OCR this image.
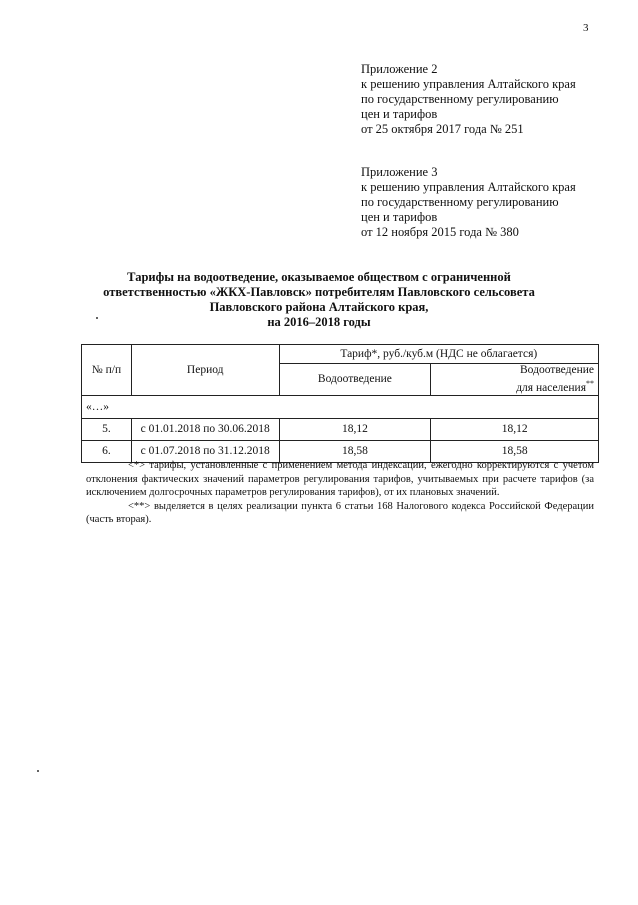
3
Приложение 2
к решению управления Алтайского края
по государственному регулированию
цен и тарифов
от 25 октября 2017 года № 251
Приложение 3
к решению управления Алтайского края
по государственному регулированию
цен и тарифов
от 12 ноября 2015 года № 380
Тарифы на водоотведение, оказываемое обществом с ограниченной
ответственностью «ЖКХ-Павловск» потребителям Павловского сельсовета
Павловского района Алтайского края,
на 2016–2018 годы
№ п/п	Период	Тариф*, руб./куб.м (НДС не облагается)	
		Водоотведение	Водоотведение
для населения**

«…»			
5.	с 01.01.2018 по 30.06.2018	18,12	18,12
6.	с 01.07.2018 по 31.12.2018	18,58	18,58

<*> тарифы, установленные с применением метода индексации, ежегодно корректируются с учетом отклонения фактических значений параметров регулирования тарифов, учитываемых при расчете тарифов (за исключением долгосрочных параметров регулирования тарифов), от их плановых значений.

<**> выделяется в целях реализации пункта 6 статьи 168 Налогового кодекса Российской Федерации (часть вторая).
